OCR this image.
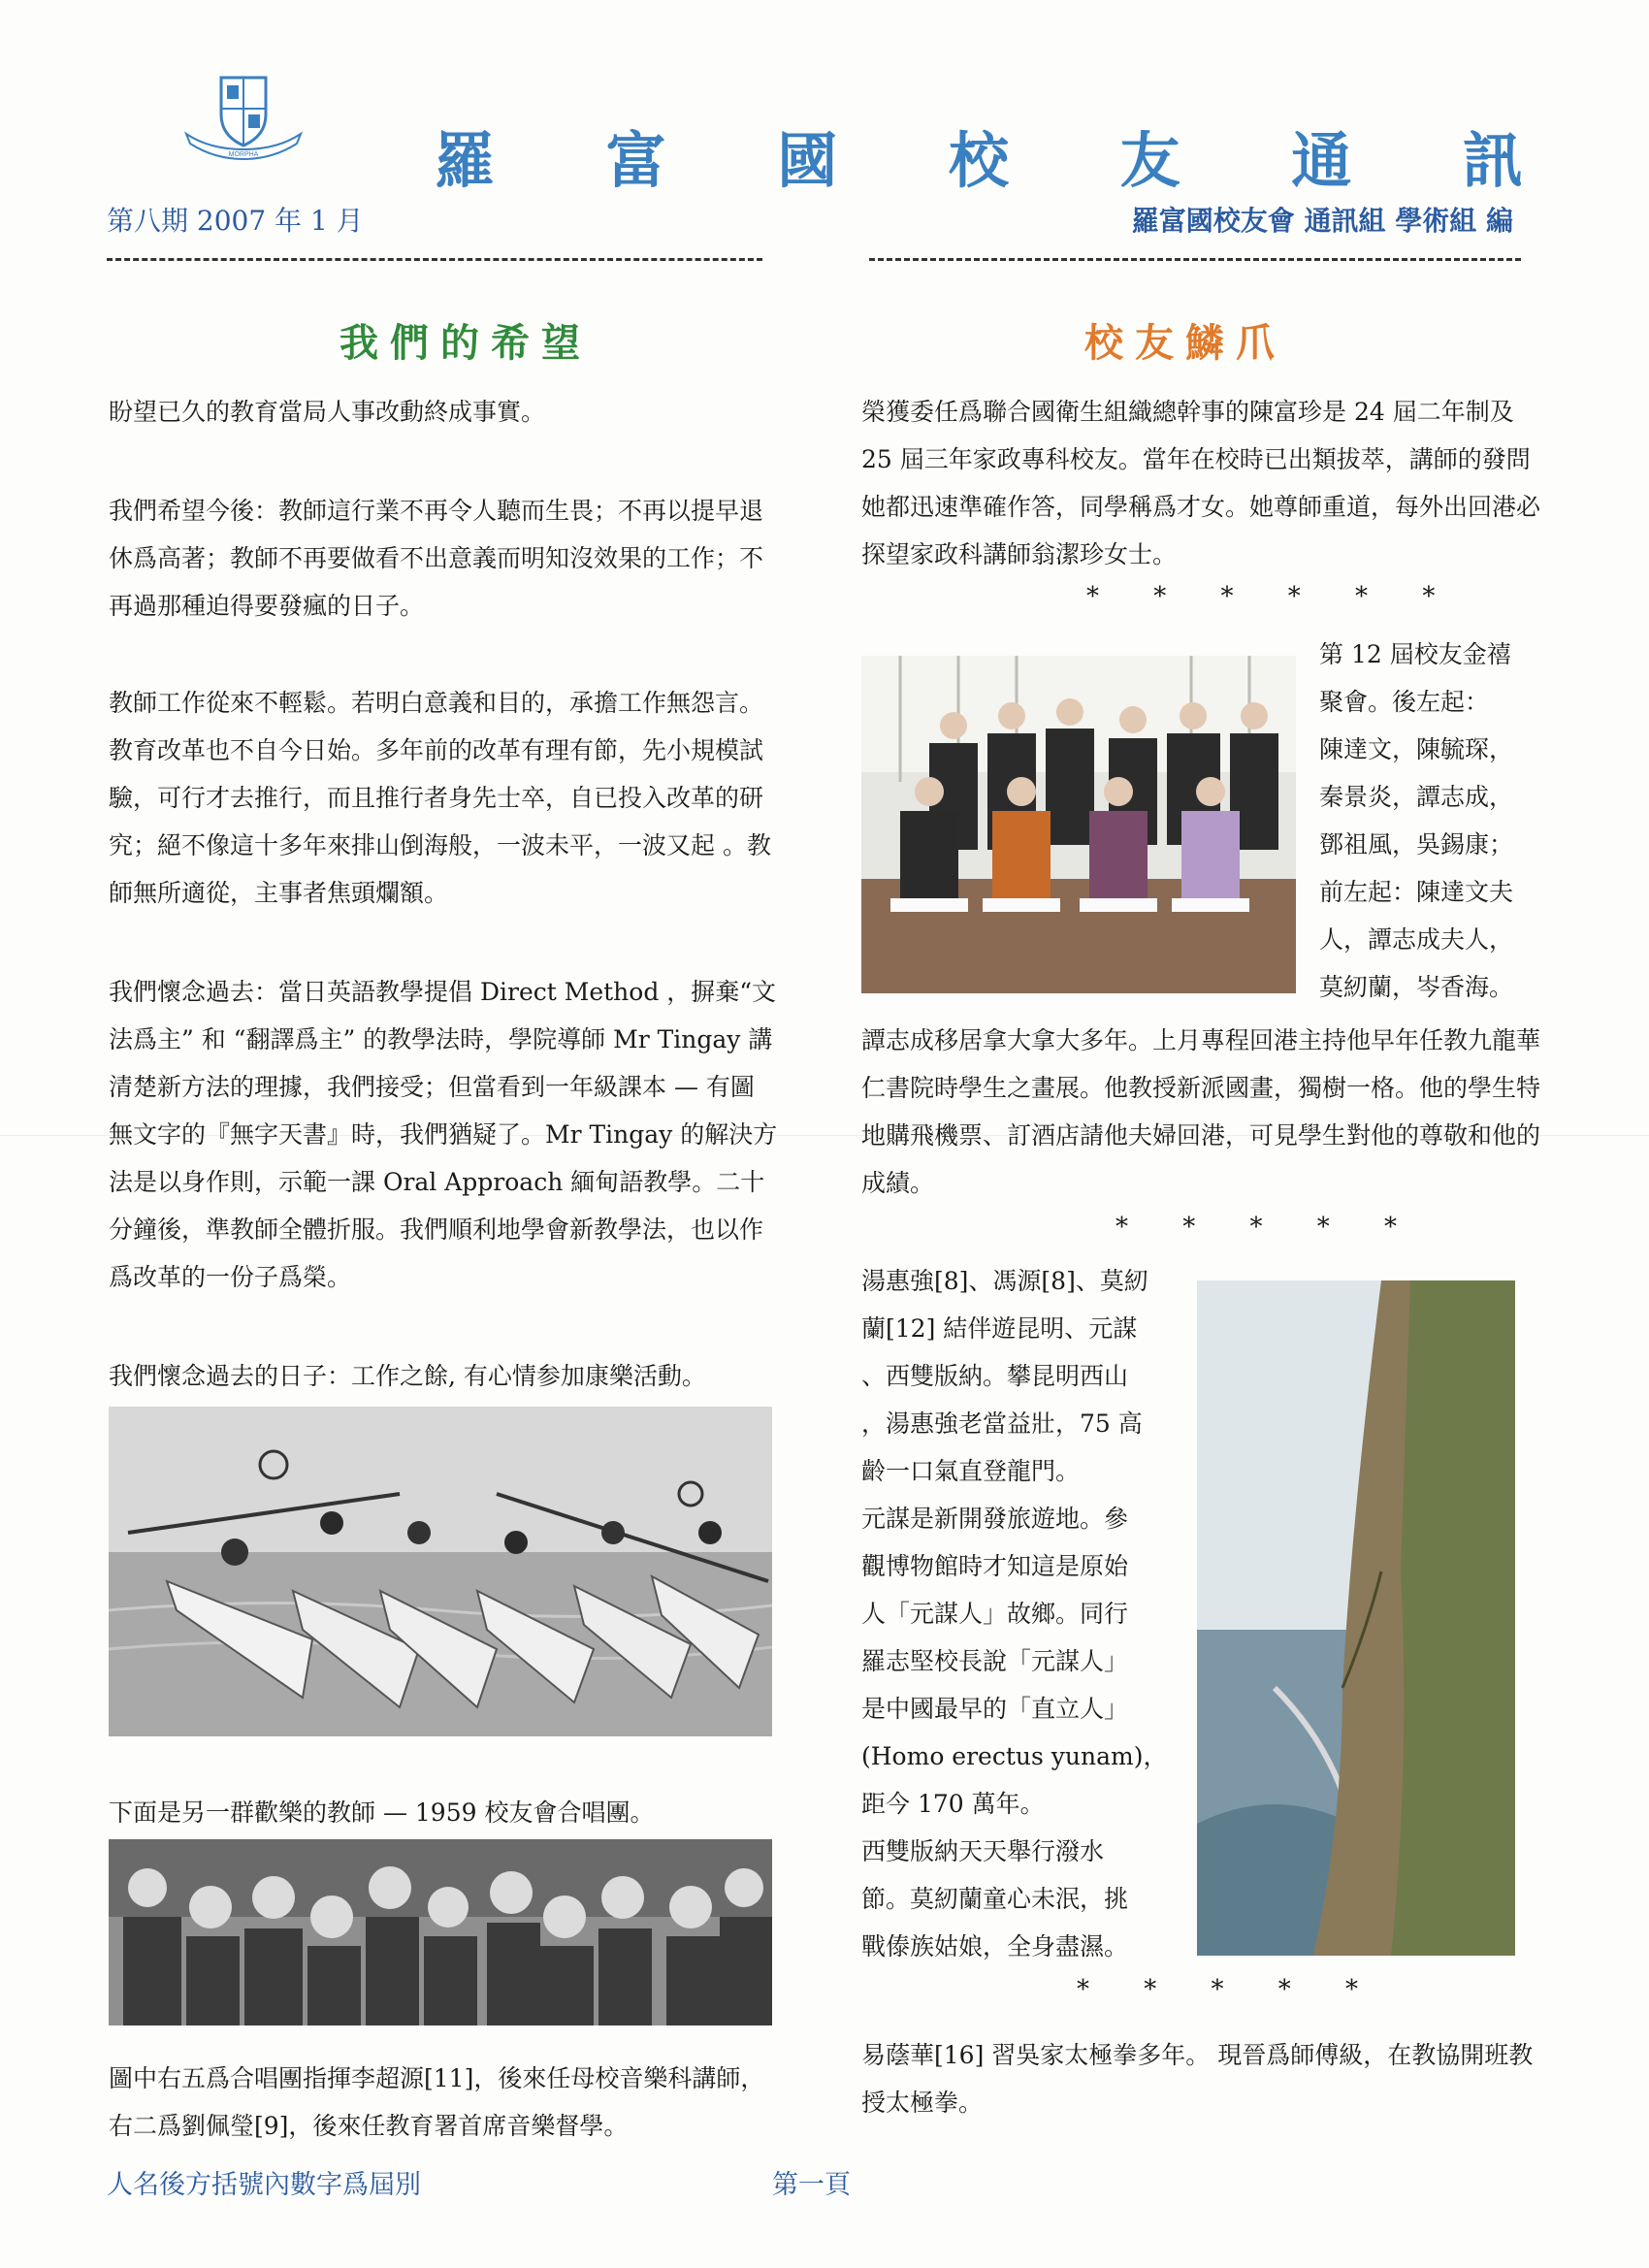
MORPHA	羅 富 國 校 友 通 訊
第八期 2007 年 1 月	羅富國校友會 通訊組 學術組 編
我們的希望	校友鱗爪
盼望已久的教育當局人事改動終成事實。
我們希望今後：教師這行業不再令人聽而生畏；不再以提早退休爲高著；教師不再要做看不出意義而明知沒效果的工作；不再過那種迫得要發瘋的日子。
教師工作從來不輕鬆。若明白意義和目的，承擔工作無怨言。教育改革也不自今日始。多年前的改革有理有節，先小規模試驗，可行才去推行，而且推行者身先士卒，自已投入改革的研究；絕不像這十多年來排山倒海般，一波未平，一波又起 。教師無所適從，主事者焦頭爛額。
我們懷念過去：當日英語教學提倡 Direct Method ，摒棄“文法爲主” 和 “翻譯爲主” 的教學法時，學院導師 Mr Tingay 講清楚新方法的理據，我們接受；但當看到一年級課本 — 有圖無文字的『無字天書』時，我們猶疑了。Mr Tingay 的解決方法是以身作則，示範一課 Oral Approach 緬甸語教學。二十分鐘後，準教師全體折服。我們順利地學會新教學法，也以作爲改革的一份子爲榮。
我們懷念過去的日子：工作之餘, 有心情参加康樂活動。
下面是另一群歡樂的教師 — 1959 校友會合唱團。
圖中右五爲合唱團指揮李超源[11]，後來任母校音樂科講師，右二爲劉佩瑩[9]，後來任教育署首席音樂督學。
榮獲委任爲聯合國衛生組織總幹事的陳富珍是 24 屆二年制及 25 屆三年家政專科校友。當年在校時已出類拔萃，講師的發問她都迅速準確作答，同學稱爲才女。她尊師重道，每外出回港必探望家政科講師翁潔珍女士。
* * * * * *
第 12 屆校友金禧
聚會。後左起：
陳達文，陳毓琛，
秦景炎，譚志成，
鄧祖風，吳錫康；
前左起：陳達文夫
人，譚志成夫人，
莫紉蘭，岑香海。
譚志成移居拿大拿大多年。上月專程回港主持他早年任教九龍華仁書院時學生之畫展。他教授新派國畫，獨樹一格。他的學生特地購飛機票、訂酒店請他夫婦回港，可見學生對他的尊敬和他的成績。
* * * * *
湯惠強[8]、馮源[8]、莫紉
蘭[12] 結伴遊昆明、元謀
、西雙版納。攀昆明西山
，湯惠強老當益壯，75 高
齡一口氣直登龍門。
元謀是新開發旅遊地。參
觀博物館時才知這是原始
人「元謀人」故鄉。同行
羅志堅校長說「元謀人」
是中國最早的「直立人」
(Homo erectus yunam)，
距今 170 萬年。
西雙版納天天舉行潑水
節。莫紉蘭童心未泯，挑
戰傣族姑娘，全身盡濕。
* * * * *
易蔭華[16] 習吳家太極拳多年。 現晉爲師傅級，在教協開班教授太極拳。
人名後方括號內數字爲屆別	第一頁
